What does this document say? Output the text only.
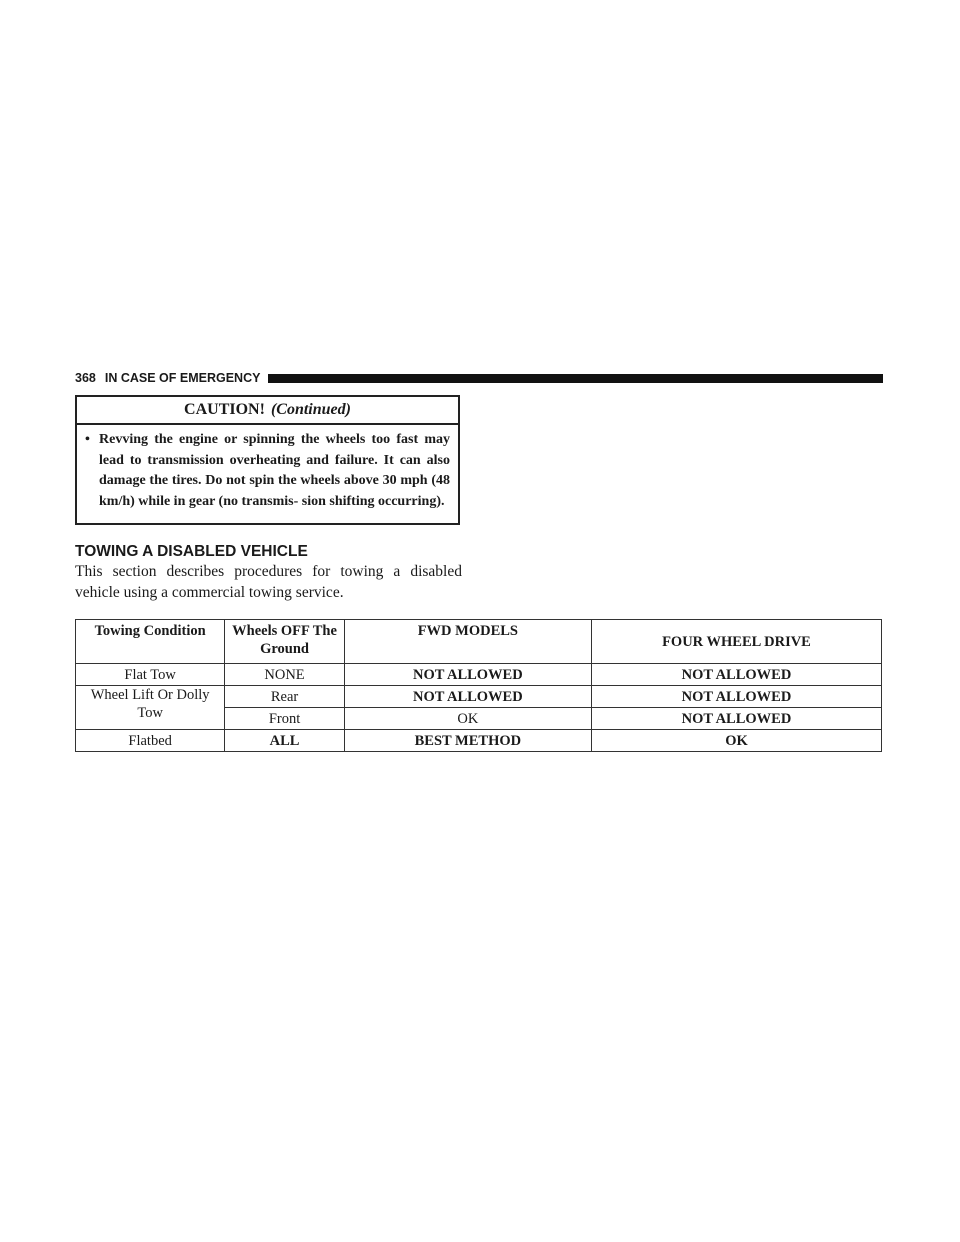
368 IN CASE OF EMERGENCY
CAUTION! (Continued)
• Revving the engine or spinning the wheels too fast may lead to transmission overheating and failure. It can also damage the tires. Do not spin the wheels above 30 mph (48 km/h) while in gear (no transmis- sion shifting occurring).
TOWING A DISABLED VEHICLE
This section describes procedures for towing a disabled vehicle using a commercial towing service.
Towing Condition	Wheels OFF The Ground	FWD MODELS	FOUR WHEEL DRIVE
Flat Tow	NONE	NOT ALLOWED	NOT ALLOWED
Wheel Lift Or Dolly Tow	Rear	NOT ALLOWED	NOT ALLOWED
	Front	OK	NOT ALLOWED
Flatbed	ALL	BEST METHOD	OK
